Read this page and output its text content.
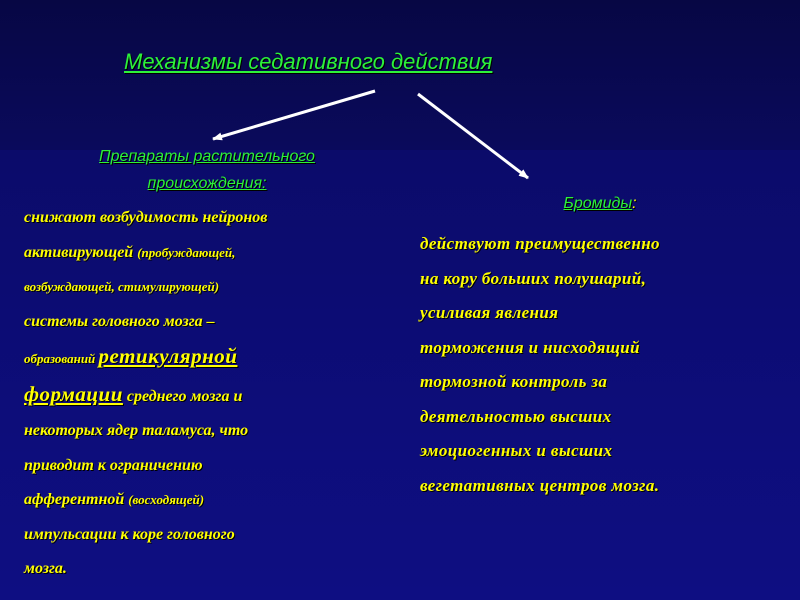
Механизмы седативного действия
Препараты растительного
происхождения:
снижают возбудимость нейронов
активирующей (пробуждающей,
возбуждающей, стимулирующей)
системы головного мозга –
образований ретикулярной
формации среднего мозга и
некоторых ядер таламуса, что
приводит к ограничению
афферентной (восходящей)
импульсации к коре головного
мозга.
Бромиды:
действуют преимущественно
на кору больших полушарий,
усиливая явления
торможения и нисходящий
тормозной контроль за
деятельностью высших
эмоциогенных и высших
вегетативных центров мозга.
